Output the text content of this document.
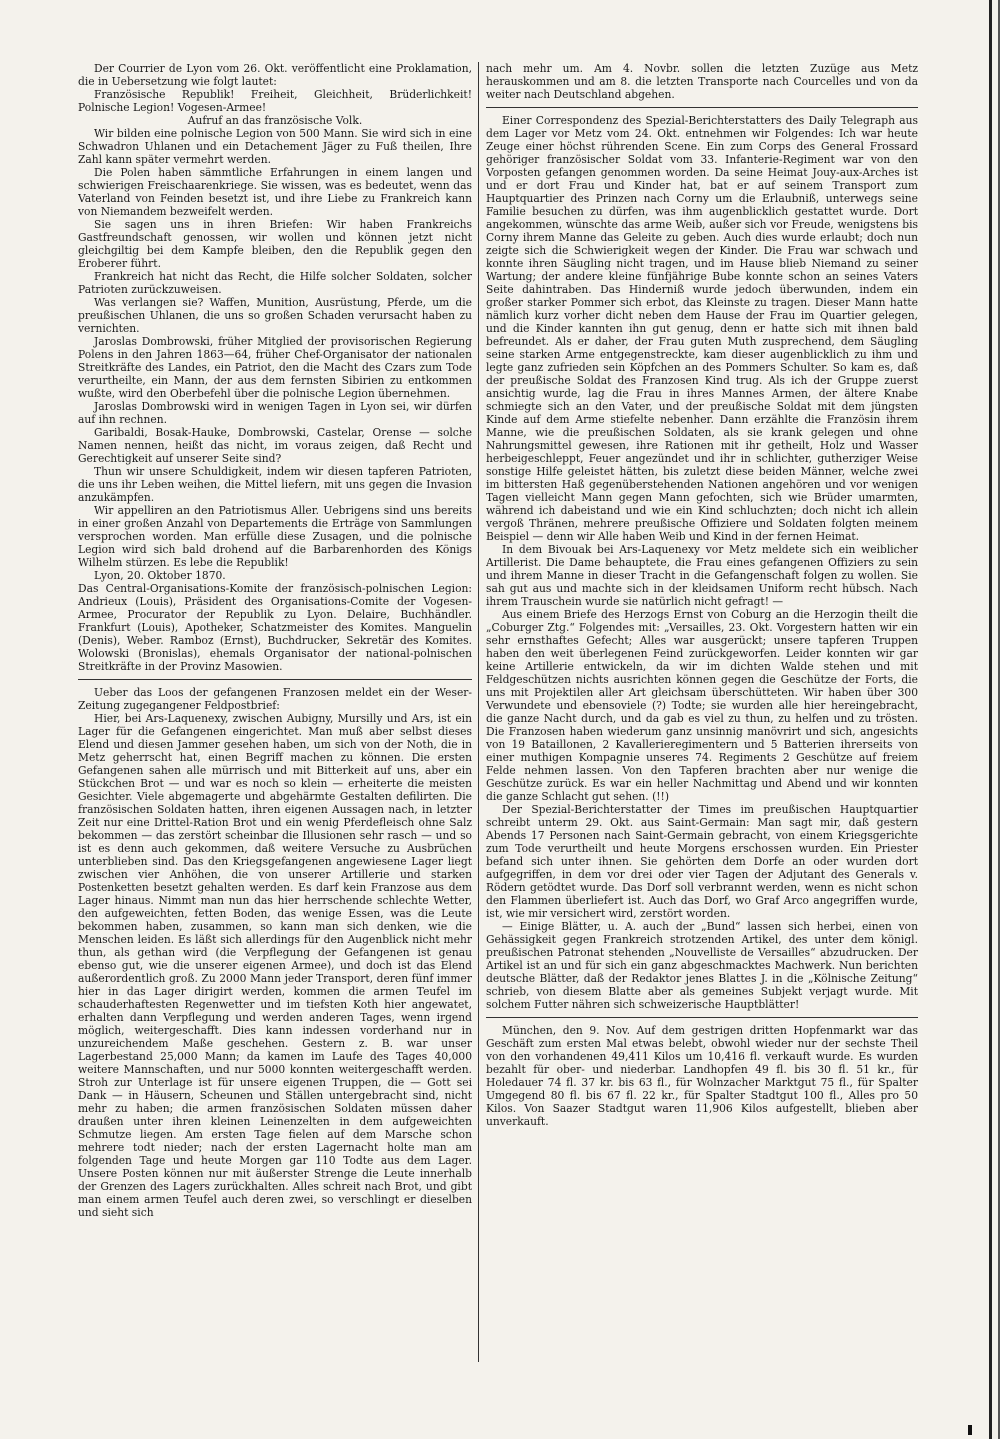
Der Courrier de Lyon vom 26. Okt. veröffentlicht eine Proklamation, die in Uebersetzung wie folgt lautet:

Französische Republik! Freiheit, Gleichheit, Brüderlichkeit! Polnische Legion! Vogesen-Armee!

Aufruf an das französische Volk.

Wir bilden eine polnische Legion von 500 Mann. Sie wird sich in eine Schwadron Uhlanen und ein Detachement Jäger zu Fuß theilen, Ihre Zahl kann später vermehrt werden.

Die Polen haben sämmtliche Erfahrungen in einem langen und schwierigen Freischaarenkriege. Sie wissen, was es bedeutet, wenn das Vaterland von Feinden besetzt ist, und ihre Liebe zu Frankreich kann von Niemandem bezweifelt werden.

Sie sagen uns in ihren Briefen: Wir haben Frankreichs Gastfreundschaft genossen, wir wollen und können jetzt nicht gleichgiltig bei dem Kampfe bleiben, den die Republik gegen den Eroberer führt.

Frankreich hat nicht das Recht, die Hilfe solcher Soldaten, solcher Patrioten zurückzuweisen.

Was verlangen sie? Waffen, Munition, Ausrüstung, Pferde, um die preußischen Uhlanen, die uns so großen Schaden verursacht haben zu vernichten.

Jaroslas Dombrowski, früher Mitglied der provisorischen Regierung Polens in den Jahren 1863—64, früher Chef-Organisator der nationalen Streitkräfte des Landes, ein Patriot, den die Macht des Czars zum Tode verurtheilte, ein Mann, der aus dem fernsten Sibirien zu entkommen wußte, wird den Oberbefehl über die polnische Legion übernehmen.

Jaroslas Dombrowski wird in wenigen Tagen in Lyon sei, wir dürfen auf ihn rechnen.

Garibaldi, Bosak-Hauke, Dombrowski, Castelar, Orense — solche Namen nennen, heißt das nicht, im voraus zeigen, daß Recht und Gerechtigkeit auf unserer Seite sind?

Thun wir unsere Schuldigkeit, indem wir diesen tapferen Patrioten, die uns ihr Leben weihen, die Mittel liefern, mit uns gegen die Invasion anzukämpfen.

Wir appelliren an den Patriotismus Aller. Uebrigens sind uns bereits in einer großen Anzahl von Departements die Erträge von Sammlungen versprochen worden. Man erfülle diese Zusagen, und die polnische Legion wird sich bald drohend auf die Barbarenhorden des Königs Wilhelm stürzen. Es lebe die Republik!

Lyon, 20. Oktober 1870.

Das Central-Organisations-Komite der französisch-polnischen Legion: Andrieux (Louis), Präsident des Organisations-Comite der Vogesen-Armee, Procurator der Republik zu Lyon. Delaire, Buchhändler. Frankfurt (Louis), Apotheker, Schatzmeister des Komites. Manguelin (Denis), Weber. Ramboz (Ernst), Buchdrucker, Sekretär des Komites. Wolowski (Bronislas), ehemals Organisator der national-polnischen Streitkräfte in der Provinz Masowien.

Ueber das Loos der gefangenen Franzosen meldet ein der Weser-Zeitung zugegangener Feldpostbrief:

Hier, bei Ars-Laquenexy, zwischen Aubigny, Mursilly und Ars, ist ein Lager für die Gefangenen eingerichtet. Man muß aber selbst dieses Elend und diesen Jammer gesehen haben, um sich von der Noth, die in Metz geherrscht hat, einen Begriff machen zu können. Die ersten Gefangenen sahen alle mürrisch und mit Bitterkeit auf uns, aber ein Stückchen Brot — und war es noch so klein — erheiterte die meisten Gesichter. Viele abgemagerte und abgehärmte Gestalten defilirten. Die französischen Soldaten hatten, ihren eigenen Aussagen nach, in letzter Zeit nur eine Drittel-Ration Brot und ein wenig Pferdefleisch ohne Salz bekommen — das zerstört scheinbar die Illusionen sehr rasch — und so ist es denn auch gekommen, daß weitere Versuche zu Ausbrüchen unterblieben sind. Das den Kriegsgefangenen angewiesene Lager liegt zwischen vier Anhöhen, die von unserer Artillerie und starken Postenketten besetzt gehalten werden. Es darf kein Franzose aus dem Lager hinaus. Nimmt man nun das hier herrschende schlechte Wetter, den aufgeweichten, fetten Boden, das wenige Essen, was die Leute bekommen haben, zusammen, so kann man sich denken, wie die Menschen leiden. Es läßt sich allerdings für den Augenblick nicht mehr thun, als gethan wird (die Verpflegung der Gefangenen ist genau ebenso gut, wie die unserer eigenen Armee), und doch ist das Elend außerordentlich groß. Zu 2000 Mann jeder Transport, deren fünf immer hier in das Lager dirigirt werden, kommen die armen Teufel im schauderhaftesten Regenwetter und im tiefsten Koth hier angewatet, erhalten dann Verpflegung und werden anderen Tages, wenn irgend möglich, weitergeschafft. Dies kann indessen vorderhand nur in unzureichendem Maße geschehen. Gestern z. B. war unser Lagerbestand 25,000 Mann; da kamen im Laufe des Tages 40,000 weitere Mannschaften, und nur 5000 konnten weitergeschafft werden. Stroh zur Unterlage ist für unsere eigenen Truppen, die — Gott sei Dank — in Häusern, Scheunen und Ställen untergebracht sind, nicht mehr zu haben; die armen französischen Soldaten müssen daher draußen unter ihren kleinen Leinenzelten in dem aufgeweichten Schmutze liegen. Am ersten Tage fielen auf dem Marsche schon mehrere todt nieder; nach der ersten Lagernacht holte man am folgenden Tage und heute Morgen gar 110 Todte aus dem Lager. Unsere Posten können nur mit äußerster Strenge die Leute innerhalb der Grenzen des Lagers zurückhalten. Alles schreit nach Brot, und gibt man einem armen Teufel auch deren zwei, so verschlingt er dieselben und sieht sich

nach mehr um. Am 4. Novbr. sollen die letzten Zuzüge aus Metz herauskommen und am 8. die letzten Transporte nach Courcelles und von da weiter nach Deutschland abgehen.

Einer Correspondenz des Spezial-Berichterstatters des Daily Telegraph aus dem Lager vor Metz vom 24. Okt. entnehmen wir Folgendes: Ich war heute Zeuge einer höchst rührenden Scene. Ein zum Corps des General Frossard gehöriger französischer Soldat vom 33. Infanterie-Regiment war von den Vorposten gefangen genommen worden. Da seine Heimat Jouy-aux-Arches ist und er dort Frau und Kinder hat, bat er auf seinem Transport zum Hauptquartier des Prinzen nach Corny um die Erlaubniß, unterwegs seine Familie besuchen zu dürfen, was ihm augenblicklich gestattet wurde. Dort angekommen, wünschte das arme Weib, außer sich vor Freude, wenigstens bis Corny ihrem Manne das Geleite zu geben. Auch dies wurde erlaubt; doch nun zeigte sich die Schwierigkeit wegen der Kinder. Die Frau war schwach und konnte ihren Säugling nicht tragen, und im Hause blieb Niemand zu seiner Wartung; der andere kleine fünfjährige Bube konnte schon an seines Vaters Seite dahintraben. Das Hinderniß wurde jedoch überwunden, indem ein großer starker Pommer sich erbot, das Kleinste zu tragen. Dieser Mann hatte nämlich kurz vorher dicht neben dem Hause der Frau im Quartier gelegen, und die Kinder kannten ihn gut genug, denn er hatte sich mit ihnen bald befreundet. Als er daher, der Frau guten Muth zusprechend, dem Säugling seine starken Arme entgegenstreckte, kam dieser augenblicklich zu ihm und legte ganz zufrieden sein Köpfchen an des Pommers Schulter. So kam es, daß der preußische Soldat des Franzosen Kind trug. Als ich der Gruppe zuerst ansichtig wurde, lag die Frau in ihres Mannes Armen, der ältere Knabe schmiegte sich an den Vater, und der preußische Soldat mit dem jüngsten Kinde auf dem Arme stiefelte nebenher. Dann erzählte die Französin ihrem Manne, wie die preußischen Soldaten, als sie krank gelegen und ohne Nahrungsmittel gewesen, ihre Rationen mit ihr getheilt, Holz und Wasser herbeigeschleppt, Feuer angezündet und ihr in schlichter, gutherziger Weise sonstige Hilfe geleistet hätten, bis zuletzt diese beiden Männer, welche zwei im bittersten Haß gegenüberstehenden Nationen angehören und vor wenigen Tagen vielleicht Mann gegen Mann gefochten, sich wie Brüder umarmten, während ich dabeistand und wie ein Kind schluchzten; doch nicht ich allein vergoß Thränen, mehrere preußische Offiziere und Soldaten folgten meinem Beispiel — denn wir Alle haben Weib und Kind in der fernen Heimat.

In dem Bivouak bei Ars-Laquenexy vor Metz meldete sich ein weiblicher Artillerist. Die Dame behauptete, die Frau eines gefangenen Offiziers zu sein und ihrem Manne in dieser Tracht in die Gefangenschaft folgen zu wollen. Sie sah gut aus und machte sich in der kleidsamen Uniform recht hübsch. Nach ihrem Trauschein wurde sie natürlich nicht gefragt! —

Aus einem Briefe des Herzogs Ernst von Coburg an die Herzogin theilt die „Coburger Ztg.“ Folgendes mit: „Versailles, 23. Okt. Vorgestern hatten wir ein sehr ernsthaftes Gefecht; Alles war ausgerückt; unsere tapferen Truppen haben den weit überlegenen Feind zurückgeworfen. Leider konnten wir gar keine Artillerie entwickeln, da wir im dichten Walde stehen und mit Feldgeschützen nichts ausrichten können gegen die Geschütze der Forts, die uns mit Projektilen aller Art gleichsam überschütteten. Wir haben über 300 Verwundete und ebensoviele (?) Todte; sie wurden alle hier hereingebracht, die ganze Nacht durch, und da gab es viel zu thun, zu helfen und zu trösten. Die Franzosen haben wiederum ganz unsinnig manövrirt und sich, angesichts von 19 Bataillonen, 2 Kavallerieregimentern und 5 Batterien ihrerseits von einer muthigen Kompagnie unseres 74. Regiments 2 Geschütze auf freiem Felde nehmen lassen. Von den Tapferen brachten aber nur wenige die Geschütze zurück. Es war ein heller Nachmittag und Abend und wir konnten die ganze Schlacht gut sehen. (!!)

Der Spezial-Berichterstatter der Times im preußischen Hauptquartier schreibt unterm 29. Okt. aus Saint-Germain: Man sagt mir, daß gestern Abends 17 Personen nach Saint-Germain gebracht, von einem Kriegsgerichte zum Tode verurtheilt und heute Morgens erschossen wurden. Ein Priester befand sich unter ihnen. Sie gehörten dem Dorfe an oder wurden dort aufgegriffen, in dem vor drei oder vier Tagen der Adjutant des Generals v. Rödern getödtet wurde. Das Dorf soll verbrannt werden, wenn es nicht schon den Flammen überliefert ist. Auch das Dorf, wo Graf Arco angegriffen wurde, ist, wie mir versichert wird, zerstört worden.

— Einige Blätter, u. A. auch der „Bund“ lassen sich herbei, einen von Gehässigkeit gegen Frankreich strotzenden Artikel, des unter dem königl. preußischen Patronat stehenden „Nouvelliste de Versailles“ abzudrucken. Der Artikel ist an und für sich ein ganz abgeschmacktes Machwerk. Nun berichten deutsche Blätter, daß der Redaktor jenes Blattes J. in die „Kölnische Zeitung“ schrieb, von diesem Blatte aber als gemeines Subjekt verjagt wurde. Mit solchem Futter nähren sich schweizerische Hauptblätter!

München, den 9. Nov. Auf dem gestrigen dritten Hopfenmarkt war das Geschäft zum ersten Mal etwas belebt, obwohl wieder nur der sechste Theil von den vorhandenen 49,411 Kilos um 10,416 fl. verkauft wurde. Es wurden bezahlt für ober- und niederbar. Landhopfen 49 fl. bis 30 fl. 51 kr., für Holedauer 74 fl. 37 kr. bis 63 fl., für Wolnzacher Marktgut 75 fl., für Spalter Umgegend 80 fl. bis 67 fl. 22 kr., für Spalter Stadtgut 100 fl., Alles pro 50 Kilos. Von Saazer Stadtgut waren 11,906 Kilos aufgestellt, blieben aber unverkauft.
